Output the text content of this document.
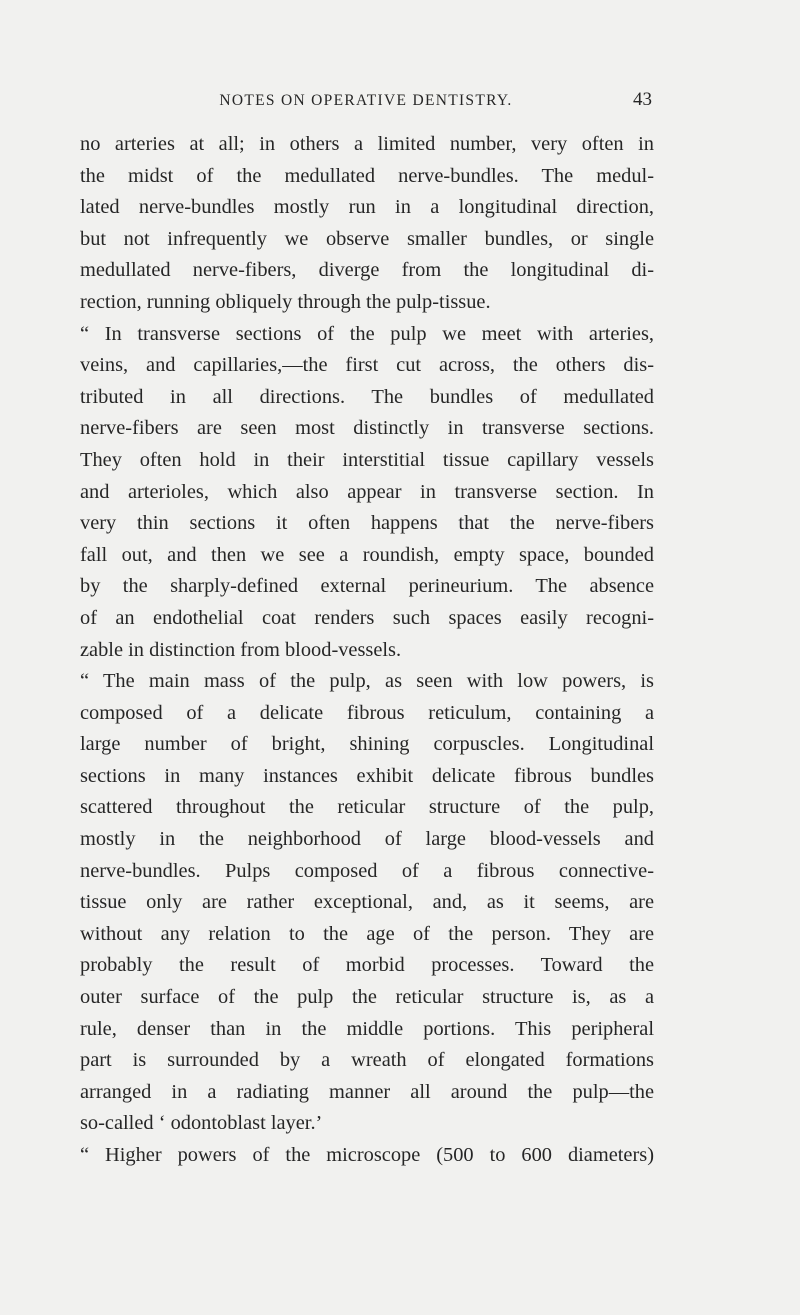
NOTES ON OPERATIVE DENTISTRY.	43
no arteries at all; in others a limited number, very often in
the midst of the medullated nerve-bundles. The medul-
lated nerve-bundles mostly run in a longitudinal direction,
but not infrequently we observe smaller bundles, or single
medullated nerve-fibers, diverge from the longitudinal di-
rection, running obliquely through the pulp-tissue.
“ In transverse sections of the pulp we meet with arteries,
veins, and capillaries,—the first cut across, the others dis-
tributed in all directions. The bundles of medullated
nerve-fibers are seen most distinctly in transverse sections.
They often hold in their interstitial tissue capillary vessels
and arterioles, which also appear in transverse section. In
very thin sections it often happens that the nerve-fibers
fall out, and then we see a roundish, empty space, bounded
by the sharply-defined external perineurium. The absence
of an endothelial coat renders such spaces easily recogni-
zable in distinction from blood-vessels.
“ The main mass of the pulp, as seen with low powers, is
composed of a delicate fibrous reticulum, containing a
large number of bright, shining corpuscles. Longitudinal
sections in many instances exhibit delicate fibrous bundles
scattered throughout the reticular structure of the pulp,
mostly in the neighborhood of large blood-vessels and
nerve-bundles. Pulps composed of a fibrous connective-
tissue only are rather exceptional, and, as it seems, are
without any relation to the age of the person. They are
probably the result of morbid processes. Toward the
outer surface of the pulp the reticular structure is, as a
rule, denser than in the middle portions. This peripheral
part is surrounded by a wreath of elongated formations
arranged in a radiating manner all around the pulp—the
so-called ‘ odontoblast layer.’
“ Higher powers of the microscope (500 to 600 diameters)
